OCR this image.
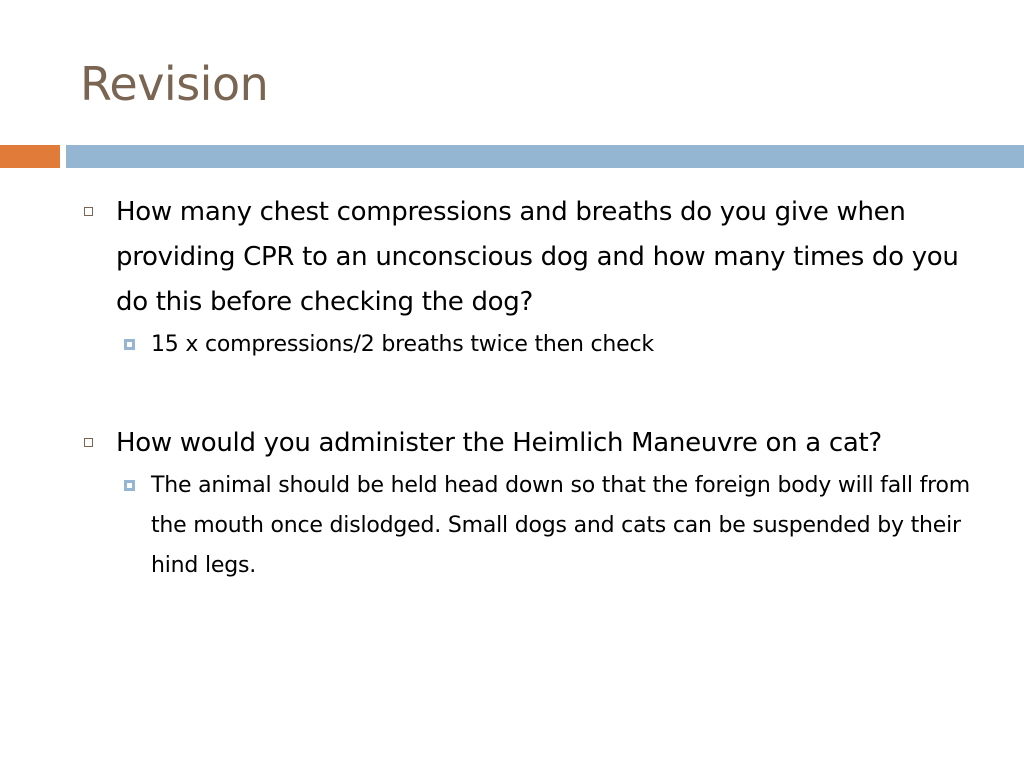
Revision

How many chest compressions and breaths do you give when providing CPR to an unconscious dog and how many times do you do this before checking the dog?

15 x compressions/2 breaths twice then check

How would you administer the Heimlich Maneuvre on a cat?

The animal should be held head down so that the foreign body will fall from the mouth once dislodged. Small dogs and cats can be suspended by their hind legs.
